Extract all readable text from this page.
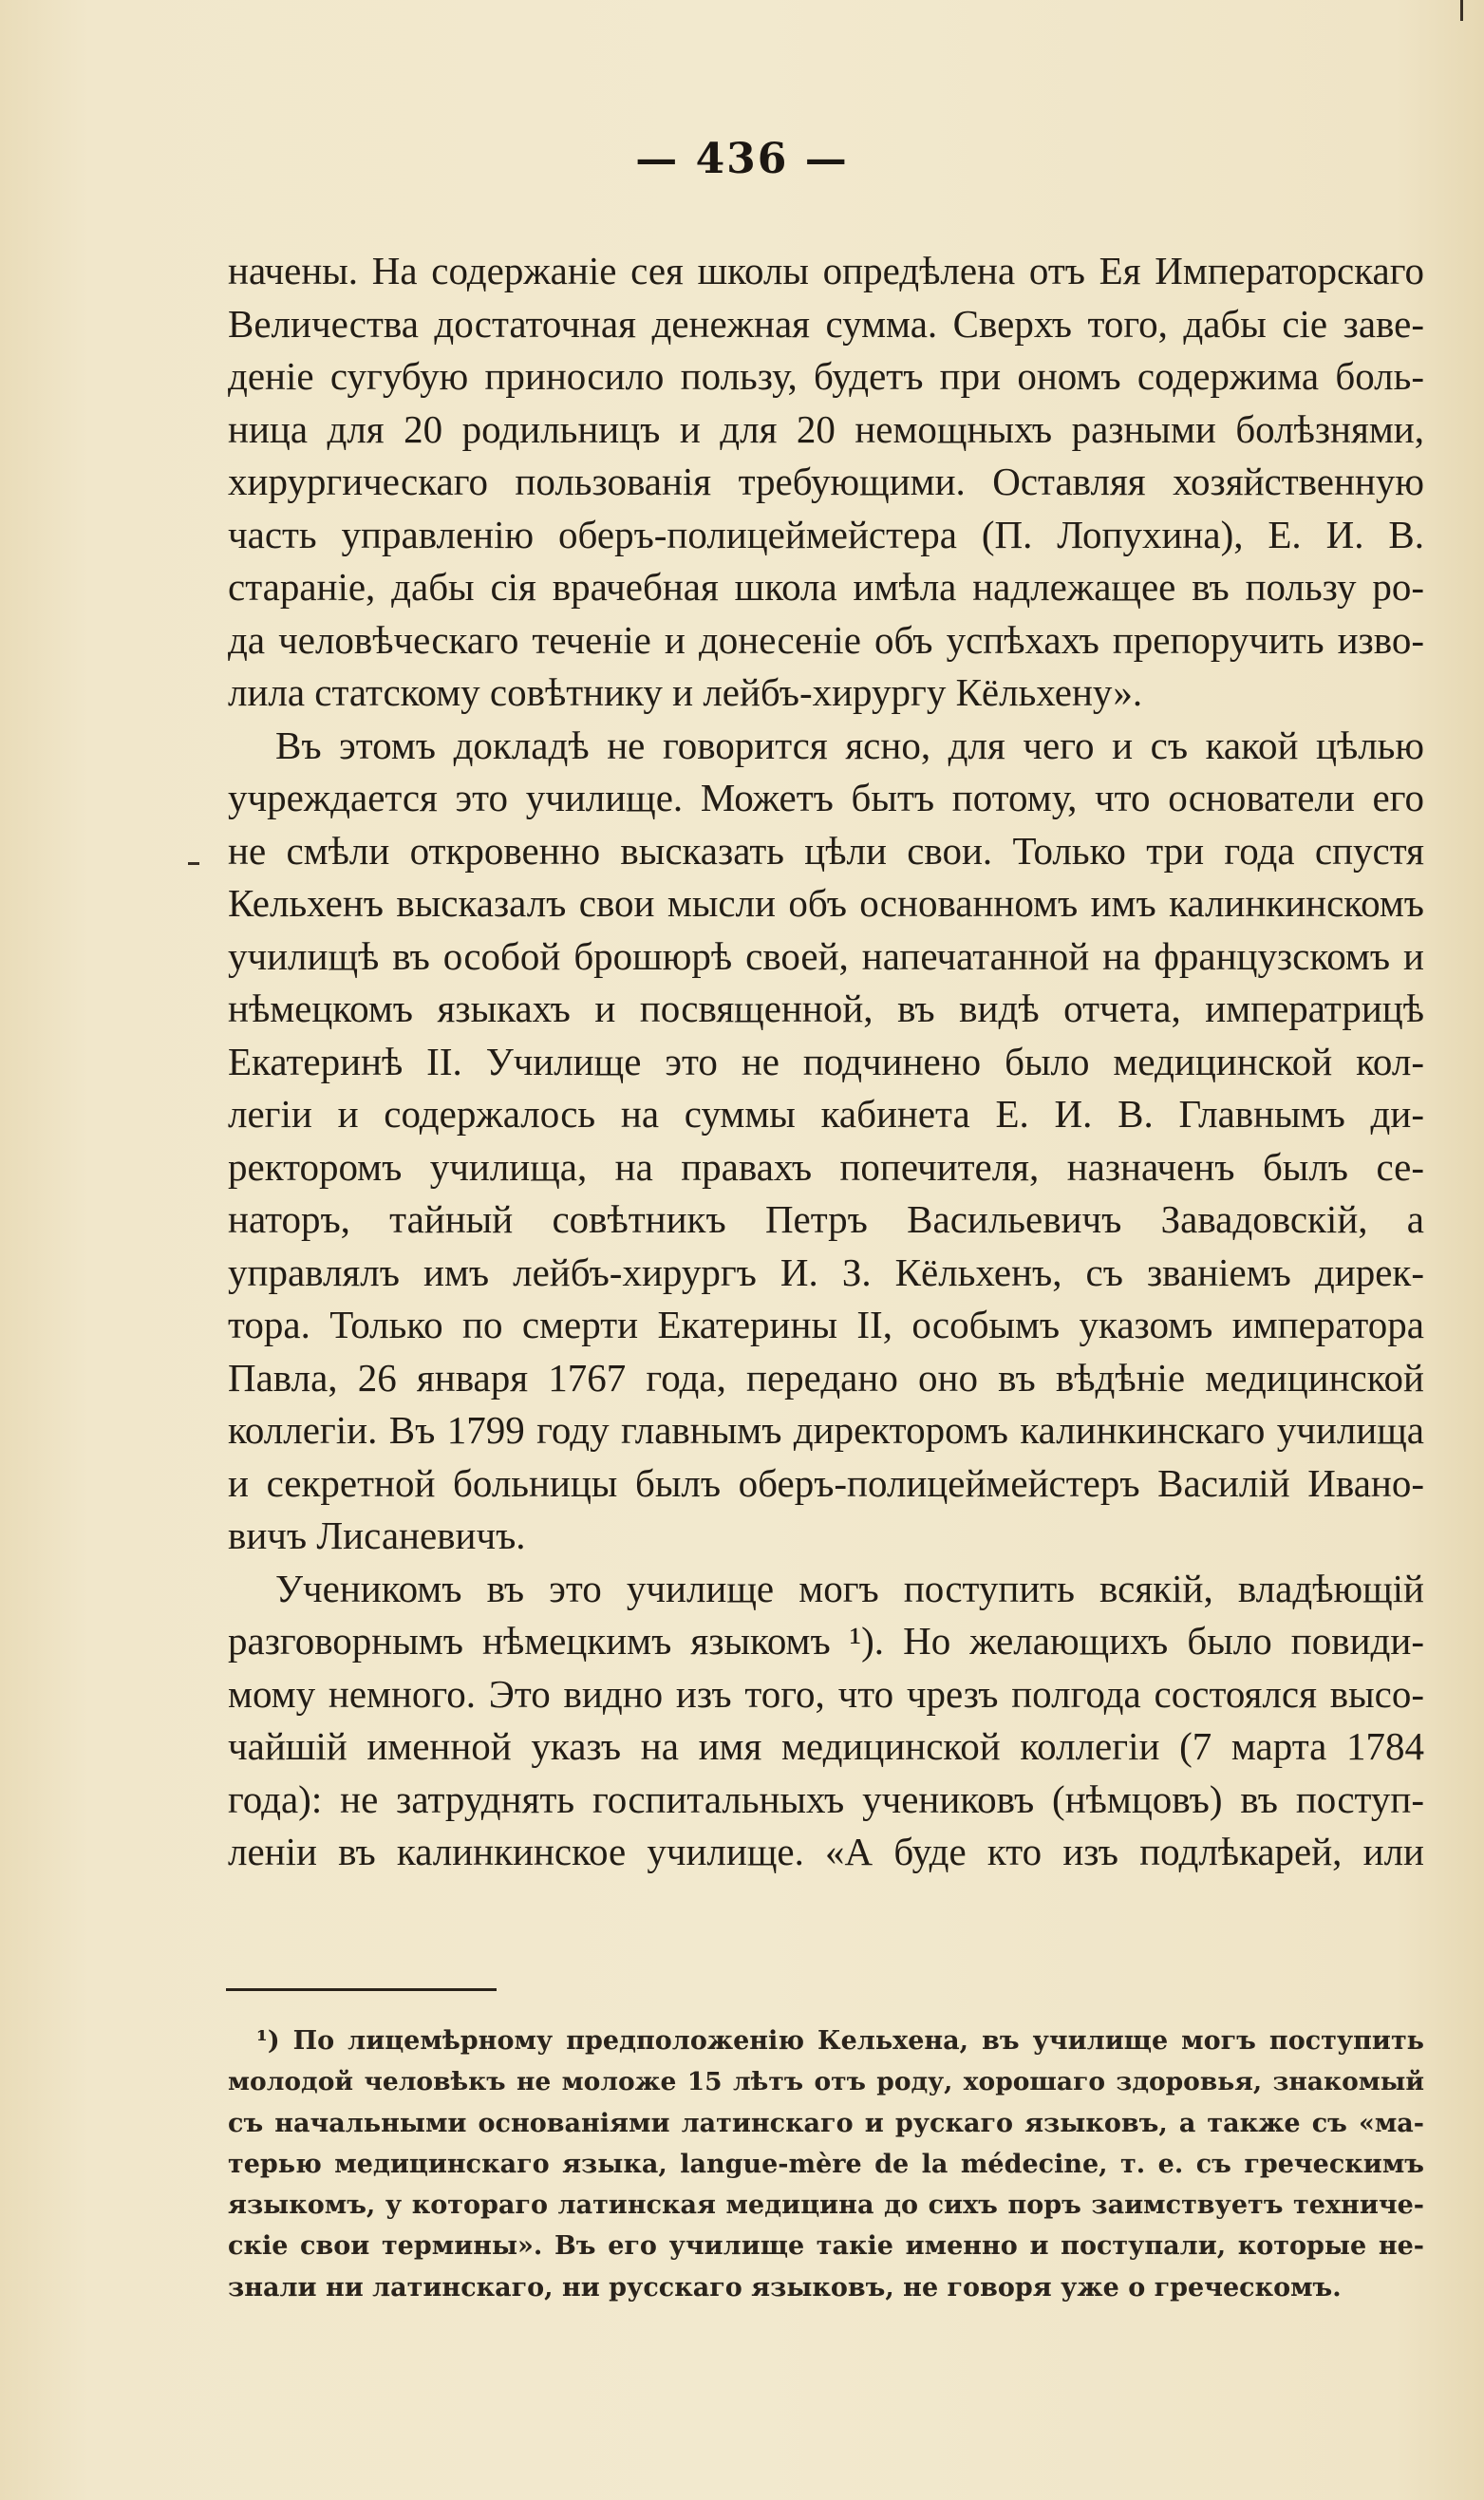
— 436 —
начены. На содержаніе сея школы опредѣлена отъ Ея Императорскаго
Величества достаточная денежная сумма. Сверхъ того, дабы сіе заве-
деніе сугубую приносило пользу, будетъ при ономъ содержима боль-
ница для 20 родильницъ и для 20 немощныхъ разными болѣзнями,
хирургическаго пользованія требующими. Оставляя хозяйственную
часть управленію оберъ-полицеймейстера (П. Лопухина), Е. И. В.
стараніе, дабы сія врачебная школа имѣла надлежащее въ пользу ро-
да человѣческаго теченіе и донесеніе объ успѣхахъ препоручить изво-
лила статскому совѣтнику и лейбъ-хирургу Кёльхену».
Въ этомъ докладѣ не говорится ясно, для чего и съ какой цѣлью
учреждается это училище. Можетъ бытъ потому, что основатели его
не смѣли откровенно высказать цѣли свои. Только три года спустя
Кельхенъ высказалъ свои мысли объ основанномъ имъ калинкинскомъ
училищѣ въ особой брошюрѣ своей, напечатанной на французскомъ и
нѣмецкомъ языкахъ и посвященной, въ видѣ отчета, императрицѣ
Екатеринѣ II. Училище это не подчинено было медицинской кол-
легіи и содержалось на суммы кабинета Е. И. В. Главнымъ ди-
ректоромъ училища, на правахъ попечителя, назначенъ былъ се-
наторъ, тайный совѣтникъ Петръ Васильевичъ Завадовскій, а
управлялъ имъ лейбъ-хирургъ И. З. Кёльхенъ, съ званіемъ дирек-
тора. Только по смерти Екатерины II, особымъ указомъ императора
Павла, 26 января 1767 года, передано оно въ вѣдѣніе медицинской
коллегіи. Въ 1799 году главнымъ директоромъ калинкинскаго училища
и секретной больницы былъ оберъ-полицеймейстеръ Василій Ивано-
вичъ Лисаневичъ.
Ученикомъ въ это училище могъ поступить всякій, владѣющій
разговорнымъ нѣмецкимъ языкомъ ¹). Но желающихъ было повиди-
мому немного. Это видно изъ того, что чрезъ полгода состоялся высо-
чайшій именной указъ на имя медицинской коллегіи (7 марта 1784
года): не затруднять госпитальныхъ учениковъ (нѣмцовъ) въ поступ-
леніи въ калинкинское училище. «А буде кто изъ подлѣкарей, или
¹) По лицемѣрному предположенію Кельхена, въ училище могъ поступить
молодой человѣкъ не моложе 15 лѣтъ отъ роду, хорошаго здоровья, знакомый
съ начальными основаніями латинскаго и рускаго языковъ, а также съ «ма-
терью медицинскаго языка, langue-mère de la médecine, т. е. съ греческимъ
языкомъ, у котораго латинская медицина до сихъ поръ заимствуетъ техниче-
скіе свои термины». Въ его училище такіе именно и поступали, которые не-
знали ни латинскаго, ни русскаго языковъ, не говоря уже о греческомъ.
